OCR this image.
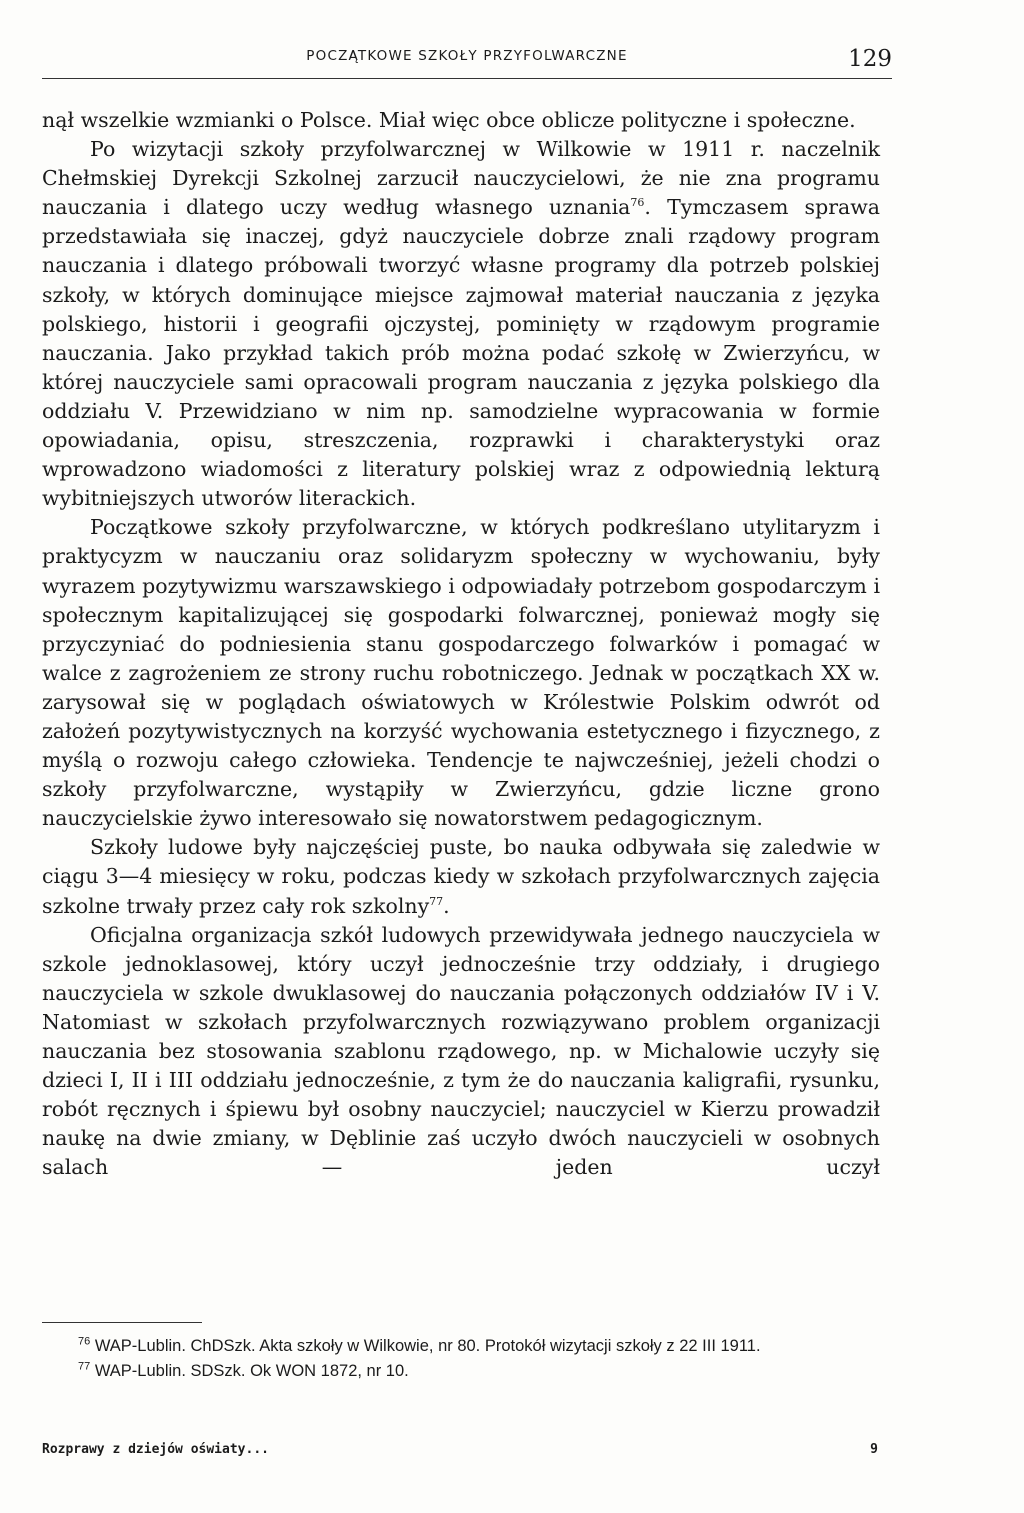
POCZĄTKOWE SZKOŁY PRZYFOLWARCZNE	129

nął wszelkie wzmianki o Polsce. Miał więc obce oblicze polityczne i społeczne.

Po wizytacji szkoły przyfolwarcznej w Wilkowie w 1911 r. naczelnik Chełmskiej Dyrekcji Szkolnej zarzucił nauczycielowi, że nie zna programu nauczania i dlatego uczy według własnego uznania$^{76}$. Tymczasem sprawa przedstawiała się inaczej, gdyż nauczyciele dobrze znali rządowy program nauczania i dlatego próbowali tworzyć własne programy dla potrzeb polskiej szkoły, w których dominujące miejsce zajmował materiał nauczania z języka polskiego, historii i geografii ojczystej, pominięty w rządowym programie nauczania. Jako przykład takich prób można podać szkołę w Zwierzyńcu, w której nauczyciele sami opracowali program nauczania z języka polskiego dla oddziału V. Przewidziano w nim np. samodzielne wypracowania w formie opowiadania, opisu, streszczenia, rozprawki i charakterystyki oraz wprowadzono wiadomości z literatury polskiej wraz z odpowiednią lekturą wybitniejszych utworów literackich.

Początkowe szkoły przyfolwarczne, w których podkreślano utylitaryzm i praktycyzm w nauczaniu oraz solidaryzm społeczny w wychowaniu, były wyrazem pozytywizmu warszawskiego i odpowiadały potrzebom gospodarczym i społecznym kapitalizującej się gospodarki folwarcznej, ponieważ mogły się przyczyniać do podniesienia stanu gospodarczego folwarków i pomagać w walce z zagrożeniem ze strony ruchu robotniczego. Jednak w początkach XX w. zarysował się w poglądach oświatowych w Królestwie Polskim odwrót od założeń pozytywistycznych na korzyść wychowania estetycznego i fizycznego, z myślą o rozwoju całego człowieka. Tendencje te najwcześniej, jeżeli chodzi o szkoły przyfolwarczne, wystąpiły w Zwierzyńcu, gdzie liczne grono nauczycielskie żywo interesowało się nowatorstwem pedagogicznym.

Szkoły ludowe były najczęściej puste, bo nauka odbywała się zaledwie w ciągu 3—4 miesięcy w roku, podczas kiedy w szkołach przyfolwarcznych zajęcia szkolne trwały przez cały rok szkolny$^{77}$.

Oficjalna organizacja szkół ludowych przewidywała jednego nauczyciela w szkole jednoklasowej, który uczył jednocześnie trzy oddziały, i drugiego nauczyciela w szkole dwuklasowej do nauczania połączonych oddziałów IV i V. Natomiast w szkołach przyfolwarcznych rozwiązywano problem organizacji nauczania bez stosowania szablonu rządowego, np. w Michalowie uczyły się dzieci I, II i III oddziału jednocześnie, z tym że do nauczania kaligrafii, rysunku, robót ręcznych i śpiewu był osobny nauczyciel; nauczyciel w Kierzu prowadził naukę na dwie zmiany, w Dęblinie zaś uczyło dwóch nauczycieli w osobnych salach — jeden uczył

$^{76}$ WAP-Lublin. ChDSzk. Akta szkoły w Wilkowie, nr 80. Protokół wizytacji szkoły z 22 III 1911.

$^{77}$ WAP-Lublin. SDSzk. Ok WON 1872, nr 10.

Rozprawy z dziejów oświaty...	9
